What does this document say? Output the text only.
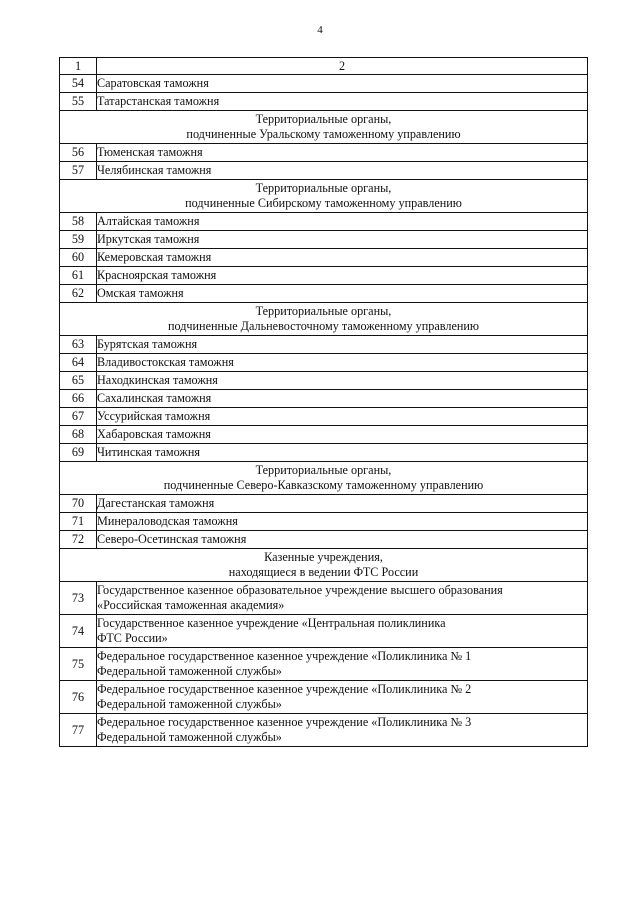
4
1	2
54	Саратовская таможня
55	Татарстанская таможня

Территориальные органы,
подчиненные Уральскому таможенному управлению	

56	Тюменская таможня
57	Челябинская таможня

Территориальные органы,
подчиненные Сибирскому таможенному управлению	

58	Алтайская таможня
59	Иркутская таможня
60	Кемеровская таможня
61	Красноярская таможня
62	Омская таможня

Территориальные органы,
подчиненные Дальневосточному таможенному управлению	

63	Бурятская таможня
64	Владивостокская таможня
65	Находкинская таможня
66	Сахалинская таможня
67	Уссурийская таможня
68	Хабаровская таможня
69	Читинская таможня

Территориальные органы,
подчиненные Северо-Кавказскому таможенному управлению	

70	Дагестанская таможня
71	Минераловодская таможня
72	Северо-Осетинская таможня

Казенные учреждения,
находящиеся в ведении ФТС России	

73	Государственное казенное образовательное учреждение высшего образования
«Российская таможенная академия»

74	Государственное казенное учреждение «Центральная поликлиника
ФТС России»

75	Федеральное государственное казенное учреждение «Поликлиника № 1
Федеральной таможенной службы»

76	Федеральное государственное казенное учреждение «Поликлиника № 2
Федеральной таможенной службы»

77	Федеральное государственное казенное учреждение «Поликлиника № 3
Федеральной таможенной службы»
